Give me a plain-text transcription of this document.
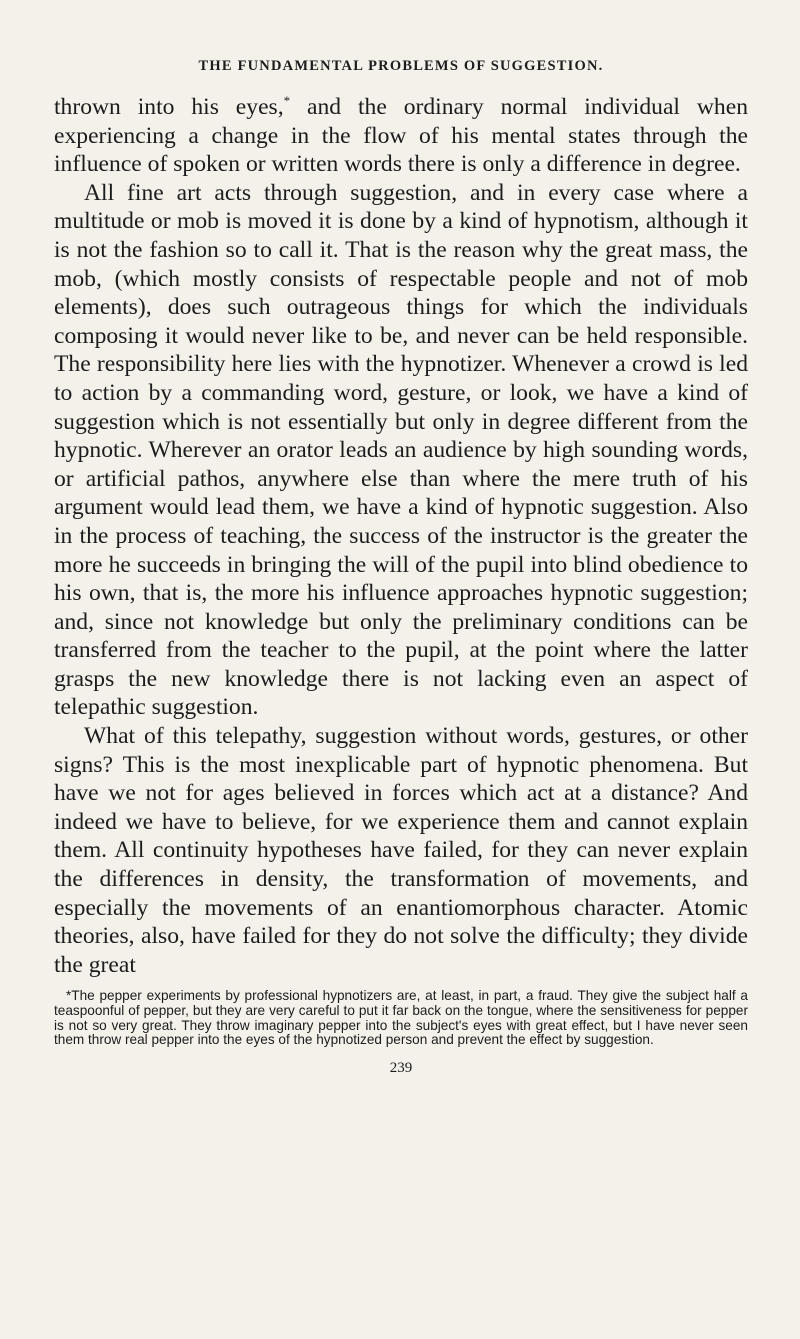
THE FUNDAMENTAL PROBLEMS OF SUGGESTION.

thrown into his eyes,* and the ordinary normal individual when experiencing a change in the flow of his mental states through the influence of spoken or written words there is only a difference in degree.

All fine art acts through suggestion, and in every case where a multitude or mob is moved it is done by a kind of hypnotism, although it is not the fashion so to call it. That is the reason why the great mass, the mob, (which mostly consists of respectable people and not of mob elements), does such outrageous things for which the individuals composing it would never like to be, and never can be held responsible. The responsibility here lies with the hypnotizer. Whenever a crowd is led to action by a commanding word, gesture, or look, we have a kind of suggestion which is not essentially but only in degree different from the hypnotic. Wherever an orator leads an audience by high sounding words, or artificial pathos, anywhere else than where the mere truth of his argument would lead them, we have a kind of hypnotic suggestion. Also in the process of teaching, the success of the instructor is the greater the more he succeeds in bringing the will of the pupil into blind obedience to his own, that is, the more his influence approaches hypnotic suggestion; and, since not knowledge but only the preliminary conditions can be transferred from the teacher to the pupil, at the point where the latter grasps the new knowledge there is not lacking even an aspect of telepathic suggestion.

What of this telepathy, suggestion without words, gestures, or other signs? This is the most inexplicable part of hypnotic phenomena. But have we not for ages believed in forces which act at a distance? And indeed we have to believe, for we experience them and cannot explain them. All continuity hypotheses have failed, for they can never explain the differences in density, the transformation of movements, and especially the movements of an enantiomorphous character. Atomic theories, also, have failed for they do not solve the difficulty; they divide the great

*The pepper experiments by professional hypnotizers are, at least, in part, a fraud. They give the subject half a teaspoonful of pepper, but they are very careful to put it far back on the tongue, where the sensitiveness for pepper is not so very great. They throw imaginary pepper into the subject's eyes with great effect, but I have never seen them throw real pepper into the eyes of the hypnotized person and prevent the effect by suggestion.
239
